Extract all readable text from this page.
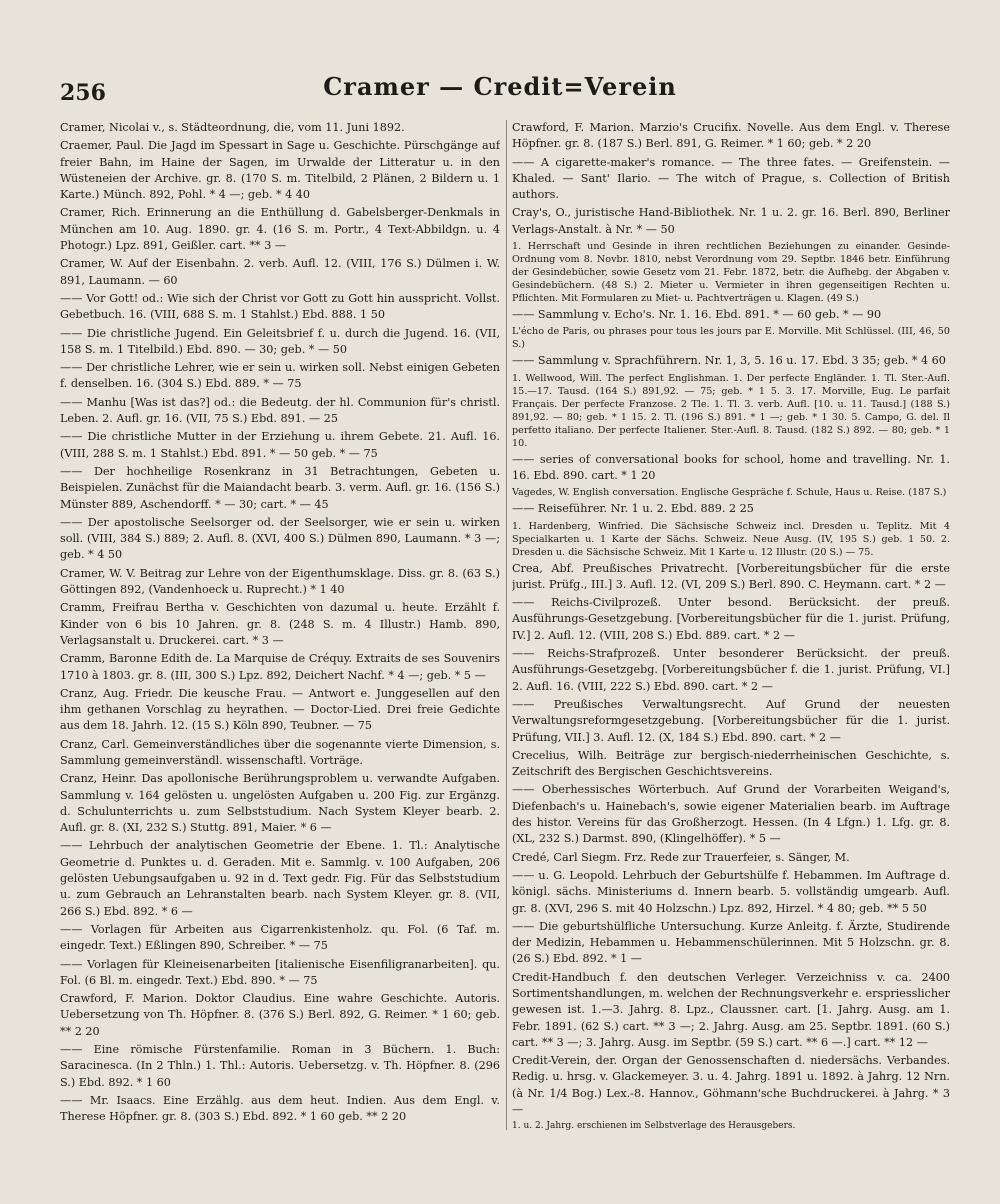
256	Cramer — Credit=Verein

Cramer, Nicolai v., s. Städteordnung, die, vom 11. Juni 1892.

Craemer, Paul. Die Jagd im Spessart in Sage u. Geschichte. Pürschgänge auf freier Bahn, im Haine der Sagen, im Urwalde der Litteratur u. in den Wüsteneien der Archive. gr. 8. (170 S. m. Titelbild, 2 Plänen, 2 Bildern u. 1 Karte.) Münch. 892, Pohl. * 4 —; geb. * 4 40

Cramer, Rich. Erinnerung an die Enthüllung d. Gabelsberger-Denkmals in München am 10. Aug. 1890. gr. 4. (16 S. m. Portr., 4 Text-Abbildgn. u. 4 Photogr.) Lpz. 891, Geißler. cart. ** 3 —

Cramer, W. Auf der Eisenbahn. 2. verb. Aufl. 12. (VIII, 176 S.) Dülmen i. W. 891, Laumann. — 60

—— Vor Gott! od.: Wie sich der Christ vor Gott zu Gott hin ausspricht. Vollst. Gebetbuch. 16. (VIII, 688 S. m. 1 Stahlst.) Ebd. 888. 1 50

—— Die christliche Jugend. Ein Geleitsbrief f. u. durch die Jugend. 16. (VII, 158 S. m. 1 Titelbild.) Ebd. 890. — 30; geb. * — 50

—— Der christliche Lehrer, wie er sein u. wirken soll. Nebst einigen Gebeten f. denselben. 16. (304 S.) Ebd. 889. * — 75

—— Manhu [Was ist das?] od.: die Bedeutg. der hl. Communion für's christl. Leben. 2. Aufl. gr. 16. (VII, 75 S.) Ebd. 891. — 25

—— Die christliche Mutter in der Erziehung u. ihrem Gebete. 21. Aufl. 16. (VIII, 288 S. m. 1 Stahlst.) Ebd. 891. * — 50 geb. * — 75

—— Der hochheilige Rosenkranz in 31 Betrachtungen, Gebeten u. Beispielen. Zunächst für die Maiandacht bearb. 3. verm. Aufl. gr. 16. (156 S.) Münster 889, Aschendorff. * — 30; cart. * — 45

—— Der apostolische Seelsorger od. der Seelsorger, wie er sein u. wirken soll. (VIII, 384 S.) 889; 2. Aufl. 8. (XVI, 400 S.) Dülmen 890, Laumann. * 3 —; geb. * 4 50

Cramer, W. V. Beitrag zur Lehre von der Eigenthumsklage. Diss. gr. 8. (63 S.) Göttingen 892, (Vandenhoeck u. Ruprecht.) * 1 40

Cramm, Freifrau Bertha v. Geschichten von dazumal u. heute. Erzählt f. Kinder von 6 bis 10 Jahren. gr. 8. (248 S. m. 4 Illustr.) Hamb. 890, Verlagsanstalt u. Druckerei. cart. * 3 —

Cramm, Baronne Edith de. La Marquise de Créquy. Extraits de ses Souvenirs 1710 à 1803. gr. 8. (III, 300 S.) Lpz. 892, Deichert Nachf. * 4 —; geb. * 5 —

Cranz, Aug. Friedr. Die keusche Frau. — Antwort e. Junggesellen auf den ihm gethanen Vorschlag zu heyrathen. — Doctor-Lied. Drei freie Gedichte aus dem 18. Jahrh. 12. (15 S.) Köln 890, Teubner. — 75

Cranz, Carl. Gemeinverständliches über die sogenannte vierte Dimension, s. Sammlung gemeinverständl. wissenschaftl. Vorträge.

Cranz, Heinr. Das apollonische Berührungsproblem u. verwandte Aufgaben. Sammlung v. 164 gelösten u. ungelösten Aufgaben u. 200 Fig. zur Ergänzg. d. Schulunterrichts u. zum Selbststudium. Nach System Kleyer bearb. 2. Aufl. gr. 8. (XI, 232 S.) Stuttg. 891, Maier. * 6 —

—— Lehrbuch der analytischen Geometrie der Ebene. 1. Tl.: Analytische Geometrie d. Punktes u. d. Geraden. Mit e. Sammlg. v. 100 Aufgaben, 206 gelösten Uebungsaufgaben u. 92 in d. Text gedr. Fig. Für das Selbststudium u. zum Gebrauch an Lehranstalten bearb. nach System Kleyer. gr. 8. (VII, 266 S.) Ebd. 892. * 6 —

—— Vorlagen für Arbeiten aus Cigarrenkistenholz. qu. Fol. (6 Taf. m. eingedr. Text.) Eßlingen 890, Schreiber. * — 75

—— Vorlagen für Kleineisenarbeiten [italienische Eisenfiligranarbeiten]. qu. Fol. (6 Bl. m. eingedr. Text.) Ebd. 890. * — 75

Crawford, F. Marion. Doktor Claudius. Eine wahre Geschichte. Autoris. Uebersetzung von Th. Höpfner. 8. (376 S.) Berl. 892, G. Reimer. * 1 60; geb. ** 2 20

—— Eine römische Fürstenfamilie. Roman in 3 Büchern. 1. Buch: Saracinesca. (In 2 Thln.) 1. Thl.: Autoris. Uebersetzg. v. Th. Höpfner. 8. (296 S.) Ebd. 892. * 1 60

—— Mr. Isaacs. Eine Erzählg. aus dem heut. Indien. Aus dem Engl. v. Therese Höpfner. gr. 8. (303 S.) Ebd. 892. * 1 60 geb. ** 2 20

Crawford, F. Marion. Marzio's Crucifix. Novelle. Aus dem Engl. v. Therese Höpfner. gr. 8. (187 S.) Berl. 891, G. Reimer. * 1 60; geb. * 2 20

—— A cigarette-maker's romance. — The three fates. — Greifenstein. — Khaled. — Sant' Ilario. — The witch of Prague, s. Collection of British authors.

Cray's, O., juristische Hand-Bibliothek. Nr. 1 u. 2. gr. 16. Berl. 890, Berliner Verlags-Anstalt. à Nr. * — 50

1. Herrschaft und Gesinde in ihren rechtlichen Beziehungen zu einander. Gesinde-Ordnung vom 8. Novbr. 1810, nebst Verordnung vom 29. Septbr. 1846 betr. Einführung der Gesindebücher, sowie Gesetz vom 21. Febr. 1872, betr. die Aufhebg. der Abgaben v. Gesindebüchern. (48 S.) 2. Mieter u. Vermieter in ihren gegenseitigen Rechten u. Pflichten. Mit Formularen zu Miet- u. Pachtverträgen u. Klagen. (49 S.)

—— Sammlung v. Echo's. Nr. 1. 16. Ebd. 891. * — 60 geb. * — 90

L'écho de Paris, ou phrases pour tous les jours par E. Morville. Mit Schlüssel. (III, 46, 50 S.)

—— Sammlung v. Sprachführern. Nr. 1, 3, 5. 16 u. 17. Ebd. 3 35; geb. * 4 60

1. Wellwood, Will. The perfect Englishman. 1. Der perfecte Engländer. 1. Tl. Ster.-Aufl. 15.—17. Tausd. (164 S.) 891,92. — 75; geb. * 1 5. 3. 17. Morville, Eug. Le parfait Français. Der perfecte Franzose. 2 Tle. 1. Tl. 3. verb. Aufl. [10. u. 11. Tausd.] (188 S.) 891,92. — 80; geb. * 1 15. 2. Tl. (196 S.) 891. * 1 —; geb. * 1 30. 5. Campo, G. del. Il perfetto italiano. Der perfecte Italiener. Ster.-Aufl. 8. Tausd. (182 S.) 892. — 80; geb. * 1 10.

—— series of conversational books for school, home and travelling. Nr. 1. 16. Ebd. 890. cart. * 1 20

Vagedes, W. English conversation. Englische Gespräche f. Schule, Haus u. Reise. (187 S.)

—— Reiseführer. Nr. 1 u. 2. Ebd. 889. 2 25

1. Hardenberg, Winfried. Die Sächsische Schweiz incl. Dresden u. Teplitz. Mit 4 Specialkarten u. 1 Karte der Sächs. Schweiz. Neue Ausg. (IV, 195 S.) geb. 1 50. 2. Dresden u. die Sächsische Schweiz. Mit 1 Karte u. 12 Illustr. (20 S.) — 75.

Crea, Abf. Preußisches Privatrecht. [Vorbereitungsbücher für die erste jurist. Prüfg., III.] 3. Aufl. 12. (VI, 209 S.) Berl. 890. C. Heymann. cart. * 2 —

—— Reichs-Civilprozeß. Unter besond. Berücksicht. der preuß. Ausführungs-Gesetzgebung. [Vorbereitungsbücher für die 1. jurist. Prüfung, IV.] 2. Aufl. 12. (VIII, 208 S.) Ebd. 889. cart. * 2 —

—— Reichs-Strafprozeß. Unter besonderer Berücksicht. der preuß. Ausführungs-Gesetzgebg. [Vorbereitungsbücher f. die 1. jurist. Prüfung, VI.] 2. Aufl. 16. (VIII, 222 S.) Ebd. 890. cart. * 2 —

—— Preußisches Verwaltungsrecht. Auf Grund der neuesten Verwaltungsreformgesetzgebung. [Vorbereitungsbücher für die 1. jurist. Prüfung, VII.] 3. Aufl. 12. (X, 184 S.) Ebd. 890. cart. * 2 —

Crecelius, Wilh. Beiträge zur bergisch-niederrheinischen Geschichte, s. Zeitschrift des Bergischen Geschichtsvereins.

—— Oberhessisches Wörterbuch. Auf Grund der Vorarbeiten Weigand's, Diefenbach's u. Hainebach's, sowie eigener Materialien bearb. im Auftrage des histor. Vereins für das Großherzogt. Hessen. (In 4 Lfgn.) 1. Lfg. gr. 8. (XL, 232 S.) Darmst. 890, (Klingelhöffer). * 5 —

Credé, Carl Siegm. Frz. Rede zur Trauerfeier, s. Sänger, M.

—— u. G. Leopold. Lehrbuch der Geburtshülfe f. Hebammen. Im Auftrage d. königl. sächs. Ministeriums d. Innern bearb. 5. vollständig umgearb. Aufl. gr. 8. (XVI, 296 S. mit 40 Holzschn.) Lpz. 892, Hirzel. * 4 80; geb. ** 5 50

—— Die geburtshülfliche Untersuchung. Kurze Anleitg. f. Ärzte, Studirende der Medizin, Hebammen u. Hebammenschülerinnen. Mit 5 Holzschn. gr. 8. (26 S.) Ebd. 892. * 1 —

Credit-Handbuch f. den deutschen Verleger. Verzeichniss v. ca. 2400 Sortimentshandlungen, m. welchen der Rechnungsverkehr e. erspriesslicher gewesen ist. 1.—3. Jahrg. 8. Lpz., Claussner. cart. [1. Jahrg. Ausg. am 1. Febr. 1891. (62 S.) cart. ** 3 —; 2. Jahrg. Ausg. am 25. Septbr. 1891. (60 S.) cart. ** 3 —; 3. Jahrg. Ausg. im Septbr. (59 S.) cart. ** 6 —.] cart. ** 12 —

Credit-Verein, der. Organ der Genossenschaften d. niedersächs. Verbandes. Redig. u. hrsg. v. Glackemeyer. 3. u. 4. Jahrg. 1891 u. 1892. à Jahrg. 12 Nrn. (à Nr. 1/4 Bog.) Lex.-8. Hannov., Göhmann'sche Buchdruckerei. à Jahrg. * 3 —

1. u. 2. Jahrg. erschienen im Selbstverlage des Herausgebers.
